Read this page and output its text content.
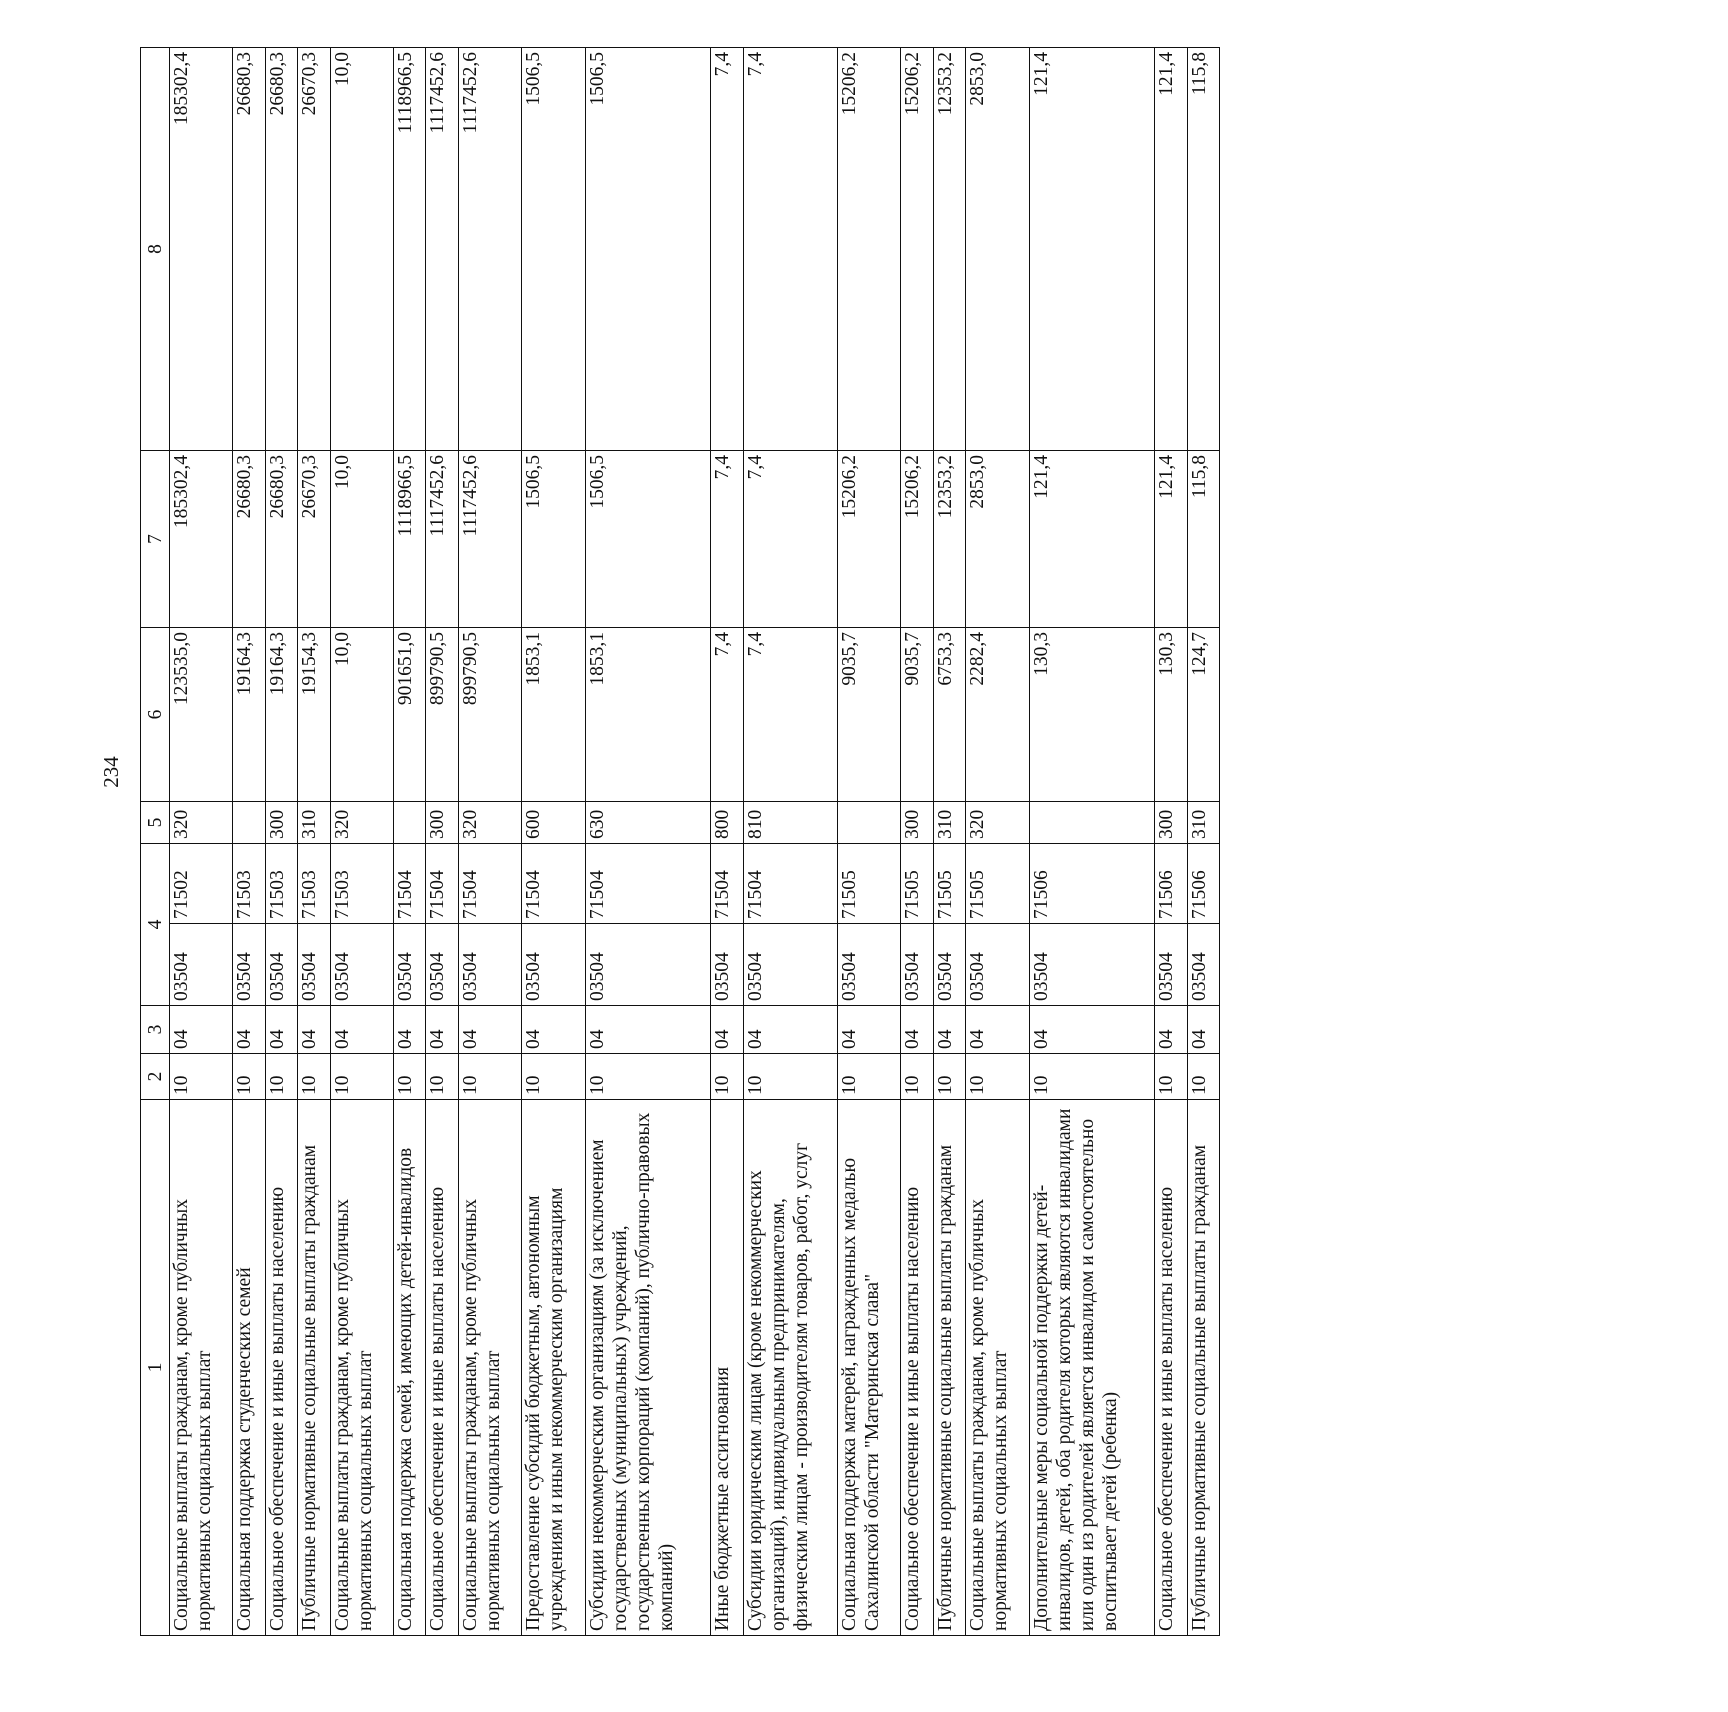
234
1	2	3	4		5	6	7	8
Социальные выплаты гражданам, кроме публичных нормативных социальных выплат	10	04	03504	71502	320	123535,0	185302,4	185302,4
Социальная поддержка студенческих семей	10	04	03504	71503		19164,3	26680,3	26680,3
Социальное обеспечение и иные выплаты населению	10	04	03504	71503	300	19164,3	26680,3	26680,3
Публичные нормативные социальные выплаты гражданам	10	04	03504	71503	310	19154,3	26670,3	26670,3
Социальные выплаты гражданам, кроме публичных нормативных социальных выплат	10	04	03504	71503	320	10,0	10,0	10,0
Социальная поддержка семей, имеющих детей-инвалидов	10	04	03504	71504		901651,0	1118966,5	1118966,5
Социальное обеспечение и иные выплаты населению	10	04	03504	71504	300	899790,5	1117452,6	1117452,6
Социальные выплаты гражданам, кроме публичных нормативных социальных выплат	10	04	03504	71504	320	899790,5	1117452,6	1117452,6
Предоставление субсидий бюджетным, автономным учреждениям и иным некоммерческим организациям	10	04	03504	71504	600	1853,1	1506,5	1506,5
Субсидии некоммерческим организациям (за исключением государственных (муниципальных) учреждений, государственных корпораций (компаний), публично-правовых компаний)	10	04	03504	71504	630	1853,1	1506,5	1506,5
Иные бюджетные ассигнования	10	04	03504	71504	800	7,4	7,4	7,4
Субсидии юридическим лицам (кроме некоммерческих организаций), индивидуальным предпринимателям, физическим лицам - производителям товаров, работ, услуг	10	04	03504	71504	810	7,4	7,4	7,4
Социальная поддержка матерей, награжденных медалью Сахалинской области "Материнская слава"	10	04	03504	71505		9035,7	15206,2	15206,2
Социальное обеспечение и иные выплаты населению	10	04	03504	71505	300	9035,7	15206,2	15206,2
Публичные нормативные социальные выплаты гражданам	10	04	03504	71505	310	6753,3	12353,2	12353,2
Социальные выплаты гражданам, кроме публичных нормативных социальных выплат	10	04	03504	71505	320	2282,4	2853,0	2853,0
Дополнительные меры социальной поддержки детей-инвалидов, детей, оба родителя которых являются инвалидами или один из родителей является инвалидом и самостоятельно воспитывает детей (ребенка)	10	04	03504	71506		130,3	121,4	121,4
Социальное обеспечение и иные выплаты населению	10	04	03504	71506	300	130,3	121,4	121,4
Публичные нормативные социальные выплаты гражданам	10	04	03504	71506	310	124,7	115,8	115,8
